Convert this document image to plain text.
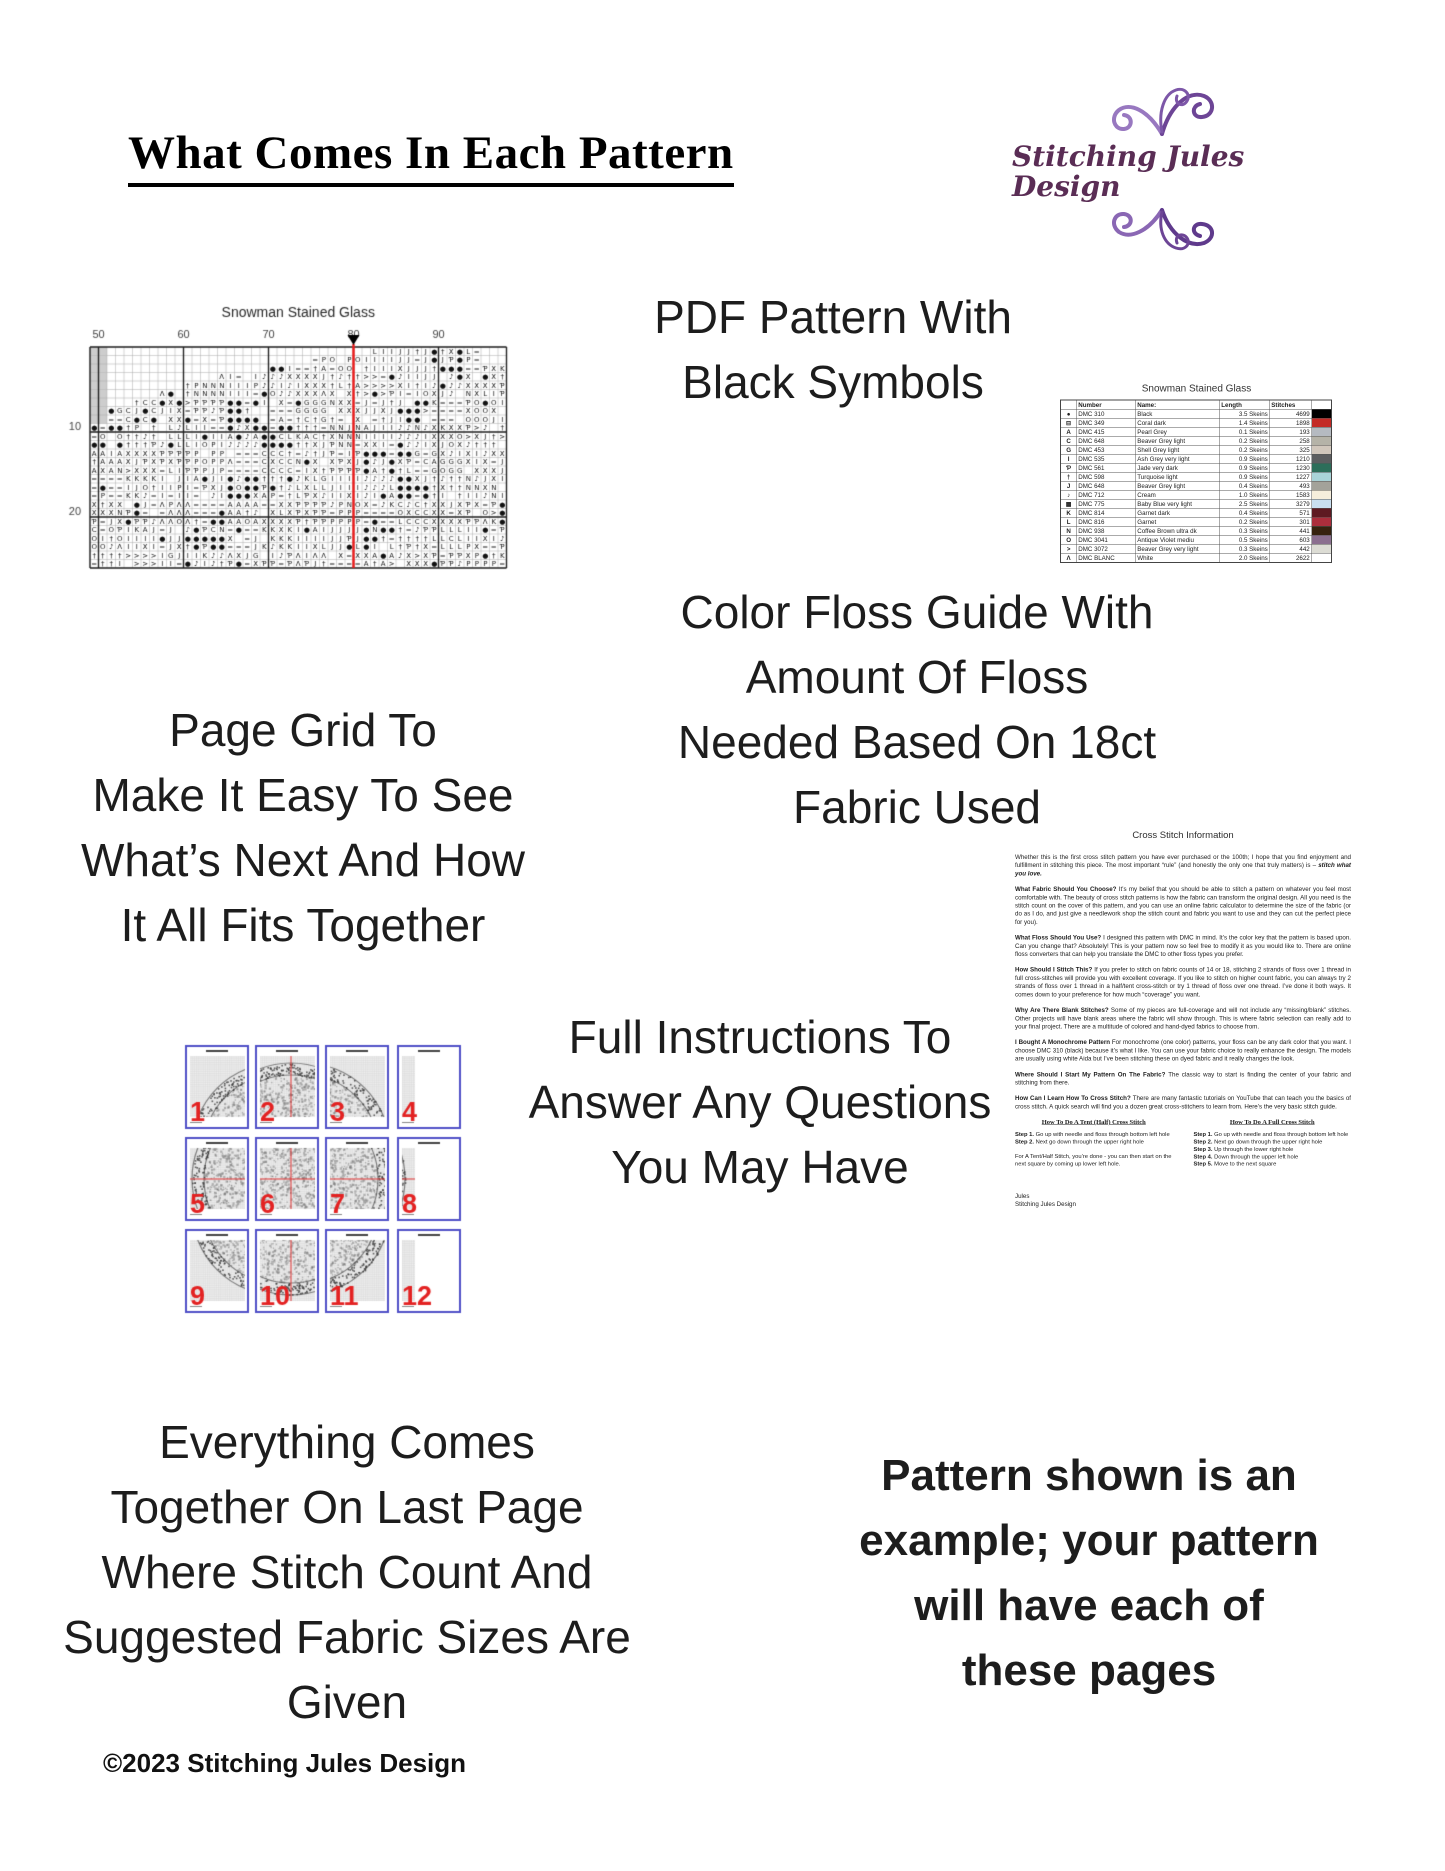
What Comes In Each Pattern	Stitching Jules Design
PDF Pattern With
Black Symbols	Snowman Stained Glass
	Number	Name:	Length	Stitches	
●	DMC 310	Black	3.5 Skeins	4699	
⊟	DMC 349	Coral dark	1.4 Skeins	1898	
A	DMC 415	Pearl Grey	0.1 Skeins	193	
C	DMC 648	Beaver Grey light	0.2 Skeins	258	
G	DMC 453	Shell Grey light	0.2 Skeins	325	
I	DMC 535	Ash Grey very light	0.9 Skeins	1210	
Ƥ	DMC 561	Jade very dark	0.9 Skeins	1230	
†	DMC 598	Turquoise light	0.9 Skeins	1227	
J	DMC 648	Beaver Grey light	0.4 Skeins	493	
♪	DMC 712	Cream	1.0 Skeins	1583	
▦	DMC 775	Baby Blue very light	2.5 Skeins	3279	
K	DMC 814	Garnet dark	0.4 Skeins	571	
L	DMC 816	Garnet	0.2 Skeins	301	
N	DMC 938	Coffee Brown ultra dk	0.3 Skeins	441	
O	DMC 3041	Antique Violet mediu	0.5 Skeins	603	
>	DMC 3072	Beaver Grey very light	0.3 Skeins	442	
Λ	DMC BLANC	White	2.0 Skeins	2622	
Color Floss Guide With
Amount Of Floss
Needed Based On 18ct
Fabric Used
Page Grid To
Make It Easy To See
What’s Next And How
It All Fits Together
Full Instructions To
Answer Any Questions
You May Have
Cross Stitch Information

Whether this is the first cross stitch pattern you have ever purchased or the 100th; I hope that you find enjoyment and fulfillment in stitching this piece. The most important “rule” (and honestly the only one that truly matters) is – stitch what you love.

What Fabric Should You Choose? It’s my belief that you should be able to stitch a pattern on whatever you feel most comfortable with. The beauty of cross stitch patterns is how the fabric can transform the original design. All you need is the stitch count on the cover of this pattern, and you can use an online fabric calculator to determine the size of the fabric (or do as I do, and just give a needlework shop the stitch count and fabric you want to use and they can cut the perfect piece for you).

What Floss Should You Use? I designed this pattern with DMC in mind. It’s the color key that the pattern is based upon. Can you change that? Absolutely! This is your pattern now so feel free to modify it as you would like to. There are online floss converters that can help you translate the DMC to other floss types you prefer.

How Should I Stitch This? If you prefer to stitch on fabric counts of 14 or 18, stitching 2 strands of floss over 1 thread in full cross-stitches will provide you with excellent coverage. If you like to stitch on higher count fabric, you can always try 2 strands of floss over 1 thread in a half/tent cross-stitch or try 1 thread of floss over one thread. I’ve done it both ways. It comes down to your preference for how much “coverage” you want.

Why Are There Blank Stitches? Some of my pieces are full-coverage and will not include any “missing/blank” stitches. Other projects will have blank areas where the fabric will show through. This is where fabric selection can really add to your final project. There are a multitude of colored and hand-dyed fabrics to choose from.

I Bought A Monochrome Pattern For monochrome (one color) patterns, your floss can be any dark color that you want. I choose DMC 310 (black) because it’s what I like. You can use your fabric choice to really enhance the design. The models are usually using white Aida but I’ve been stitching these on dyed fabric and it really changes the look.

Where Should I Start My Pattern On The Fabric? The classic way to start is finding the center of your fabric and stitching from there.

How Can I Learn How To Cross Stitch? There are many fantastic tutorials on YouTube that can teach you the basics of cross stitch. A quick search will find you a dozen great cross-stitchers to learn from. Here’s the very basic stitch guide.

How To Do A Tent (Half) Cross Stitch
Step 1. Go up with needle and floss through bottom left hole
Step 2. Next go down through the upper right hole
For A Tent/Half Stitch, you’re done - you can then start on the next square by coming up lower left hole.
How To Do A Full Cross Stitch
Step 1. Go up with needle and floss through bottom left hole
Step 2. Next go down through the upper right hole
Step 3. Up through the lower right hole
Step 4. Down through the upper left hole
Step 5. Move to the next square
Jules
Stitching Jules Design
Everything Comes
Together On Last Page
Where Stitch Count And
Suggested Fabric Sizes Are
Given
Pattern shown is an
example; your pattern
will have each of
these pages
©2023 Stitching Jules Design
